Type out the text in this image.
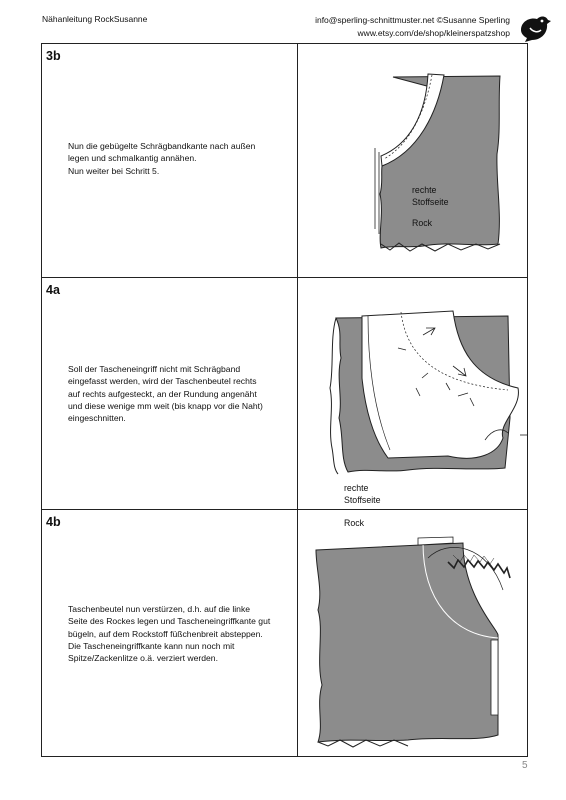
Nähanleitung RockSusanne	info@sperling-schnittmuster.net ©Susanne Sperling
www.etsy.com/de/shop/kleinerspatzshop
3b
Nun die gebügelte Schrägbandkante nach außen
legen und schmalkantig annähen.
Nun weiter bei Schritt 5.
rechte
Stoffseite
Rock
4a
Soll der Tascheneingriff nicht mit Schrägband
eingefasst werden, wird der Taschenbeutel rechts
auf rechts aufgesteckt, an der Rundung angenäht
und diese wenige mm weit (bis knapp vor die Naht)
eingeschnitten.
rechte
Stoffseite
Rock
4b
Taschenbeutel nun verstürzen, d.h. auf die linke
Seite des Rockes legen und Tascheneingriffkante gut
bügeln, auf dem Rockstoff füßchenbreit absteppen.
Die Tascheneingriffkante kann nun noch mit
Spitze/Zackenlitze o.ä. verziert werden.
5
